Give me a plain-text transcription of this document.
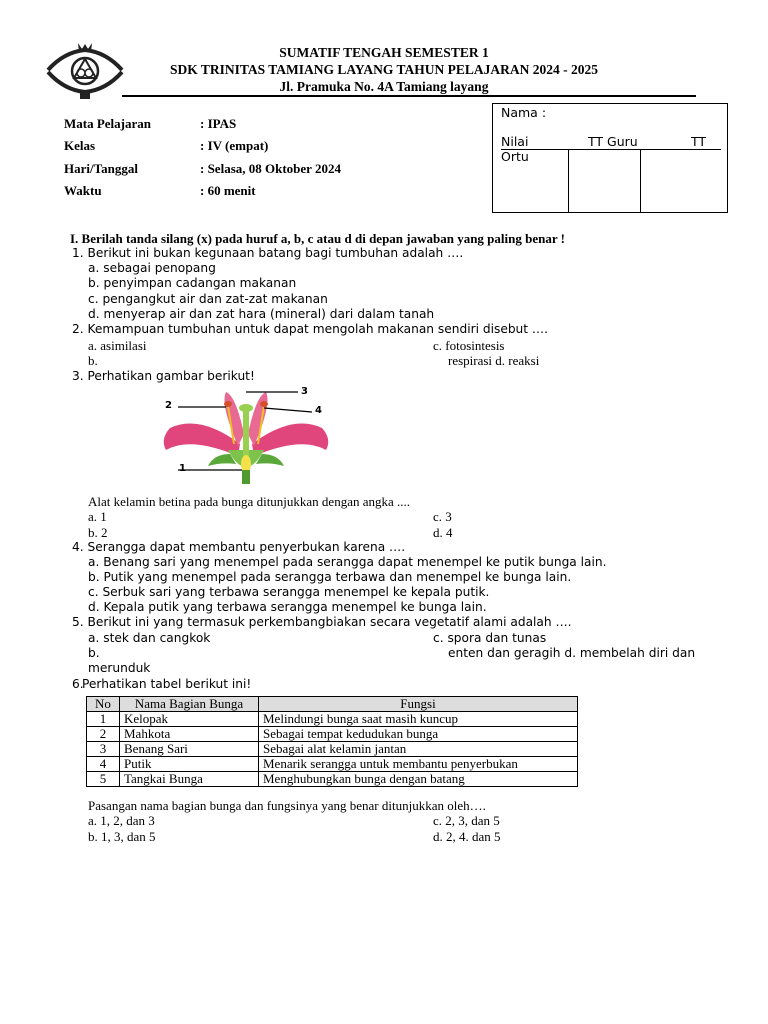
SUMATIF TENGAH SEMESTER 1
SDK TRINITAS TAMIANG LAYANG TAHUN PELAJARAN 2024 - 2025
Jl. Pramuka No. 4A Tamiang layang
Mata Pelajaran	: IPAS
Kelas	: IV (empat)
Hari/Tanggal	: Selasa, 08 Oktober 2024
Waktu	: 60 menit
Nama :
Nilai	TT Guru	TT
Ortu
I. Berilah tanda silang (x) pada huruf a, b, c atau d di depan jawaban yang paling benar !
1. Berikut ini bukan kegunaan batang bagi tumbuhan adalah ….
a. sebagai penopang
b. penyimpan cadangan makanan
c. pengangkut air dan zat-zat makanan
d. menyerap air dan zat hara (mineral) dari dalam tanah
2. Kemampuan tumbuhan untuk dapat mengolah makanan sendiri disebut ….
a. asimilasi	c. fotosintesis
b.	respirasi d. reaksi
3. Perhatikan gambar berikut!
1
2
3
4
Alat kelamin betina pada bunga ditunjukkan dengan angka ....
a. 1	c. 3
b. 2	d. 4
4. Serangga dapat membantu penyerbukan karena ….
a. Benang sari yang menempel pada serangga dapat menempel ke putik bunga lain.
b. Putik yang menempel pada serangga terbawa dan menempel ke bunga lain.
c. Serbuk sari yang terbawa serangga menempel ke kepala putik.
d. Kepala putik yang terbawa serangga menempel ke bunga lain.
5. Berikut ini yang termasuk perkembangbiakan secara vegetatif alami adalah ….
a. stek dan cangkok	c. spora dan tunas
b.	enten dan geragih d. membelah diri dan
merunduk
6.
Perhatikan tabel berikut ini!
No	Nama Bagian Bunga	Fungsi
1	Kelopak	Melindungi bunga saat masih kuncup
2	Mahkota	Sebagai tempat kedudukan bunga
3	Benang Sari	Sebagai alat kelamin jantan
4	Putik	Menarik serangga untuk membantu penyerbukan
5	Tangkai Bunga	Menghubungkan bunga dengan batang
Pasangan nama bagian bunga dan fungsinya yang benar ditunjukkan oleh….
a. 1, 2, dan 3	c. 2, 3, dan 5
b. 1, 3, dan 5	d. 2, 4. dan 5
